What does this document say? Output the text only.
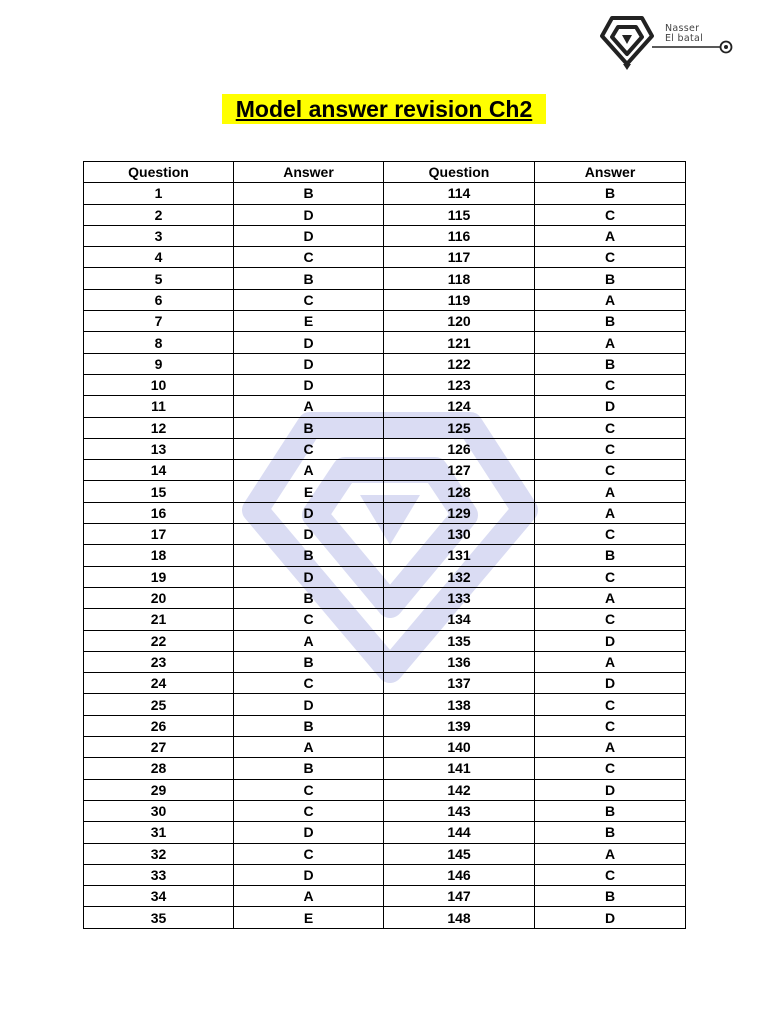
Nasser
El batal
Model answer revision Ch2
Question	Answer	Question	Answer
1	B	114	B
2	D	115	C
3	D	116	A
4	C	117	C
5	B	118	B
6	C	119	A
7	E	120	B
8	D	121	A
9	D	122	B
10	D	123	C
11	A	124	D
12	B	125	C
13	C	126	C
14	A	127	C
15	E	128	A
16	D	129	A
17	D	130	C
18	B	131	B
19	D	132	C
20	B	133	A
21	C	134	C
22	A	135	D
23	B	136	A
24	C	137	D
25	D	138	C
26	B	139	C
27	A	140	A
28	B	141	C
29	C	142	D
30	C	143	B
31	D	144	B
32	C	145	A
33	D	146	C
34	A	147	B
35	E	148	D
